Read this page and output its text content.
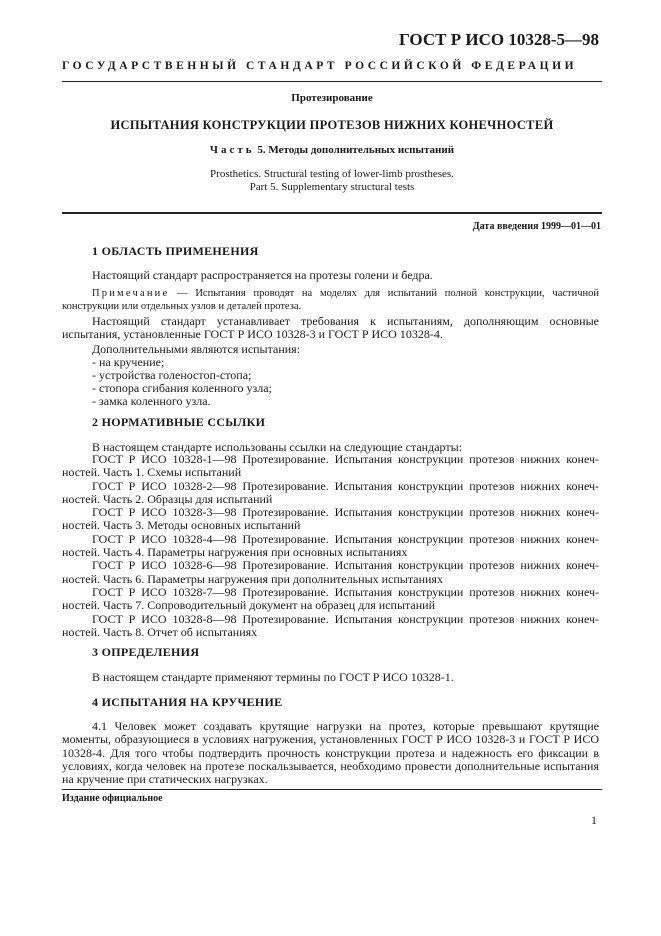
ГОСТ Р ИСО 10328-5—98
ГОСУДАРСТВЕННЫЙ СТАНДАРТ РОССИЙСКОЙ ФЕДЕРАЦИИ
Протезирование
ИСПЫТАНИЯ КОНСТРУКЦИИ ПРОТЕЗОВ НИЖНИХ КОНЕЧНОСТЕЙ
Часть 5. Методы дополнительных испытаний
Prosthetics. Structural testing of lower-limb prostheses.
Part 5. Supplementary structural tests
Дата введения 1999—01—01
1 ОБЛАСТЬ ПРИМЕНЕНИЯ
Настоящий стандарт распространяется на протезы голени и бедра.
Примечание — Испытания проводят на моделях для испытаний полной конструкции, частичной конструкции или отдельных узлов и деталей протеза.
Настоящий стандарт устанавливает требования к испытаниям, дополняющим основные испытания, установленные ГОСТ Р ИСО 10328-3 и ГОСТ Р ИСО 10328-4.
Дополнительными являются испытания:
- на кручение;
- устройства голеностоп-стопа;
- стопора сгибания коленного узла;
- замка коленного узла.
2 НОРМАТИВНЫЕ ССЫЛКИ
В настоящем стандарте использованы ссылки на следующие стандарты:
ГОСТ Р ИСО 10328-1—98 Протезирование. Испытания конструкции протезов нижних конеч-
ностей. Часть 1. Схемы испытаний
ГОСТ Р ИСО 10328-2—98 Протезирование. Испытания конструкции протезов нижних конеч-
ностей. Часть 2. Образцы для испытаний
ГОСТ Р ИСО 10328-3—98 Протезирование. Испытания конструкции протезов нижних конеч-
ностей. Часть 3. Методы основных испытаний
ГОСТ Р ИСО 10328-4—98 Протезирование. Испытания конструкции протезов нижних конеч-
ностей. Часть 4. Параметры нагружения при основных испытаниях
ГОСТ Р ИСО 10328-6—98 Протезирование. Испытания конструкции протезов нижних конеч-
ностей. Часть 6. Параметры нагружения при дополнительных испытаниях
ГОСТ Р ИСО 10328-7—98 Протезирование. Испытания конструкции протезов нижних конеч-
ностей. Часть 7. Сопроводительный документ на образец для испытаний
ГОСТ Р ИСО 10328-8—98 Протезирование. Испытания конструкции протезов нижних конеч-
ностей. Часть 8. Отчет об испытаниях
3 ОПРЕДЕЛЕНИЯ
В настоящем стандарте применяют термины по ГОСТ Р ИСО 10328-1.
4 ИСПЫТАНИЯ НА КРУЧЕНИЕ
4.1 Человек может создавать крутящие нагрузки на протез, которые превышают крутящие моменты, образующиеся в условиях нагружения, установленных ГОСТ Р ИСО 10328-3 и ГОСТ Р ИСО 10328-4. Для того чтобы подтвердить прочность конструкции протеза и надежность его фиксации в условиях, когда человек на протезе поскальзывается, необходимо провести дополнительные испытания на кручение при статических нагрузках.
Издание официальное
1
